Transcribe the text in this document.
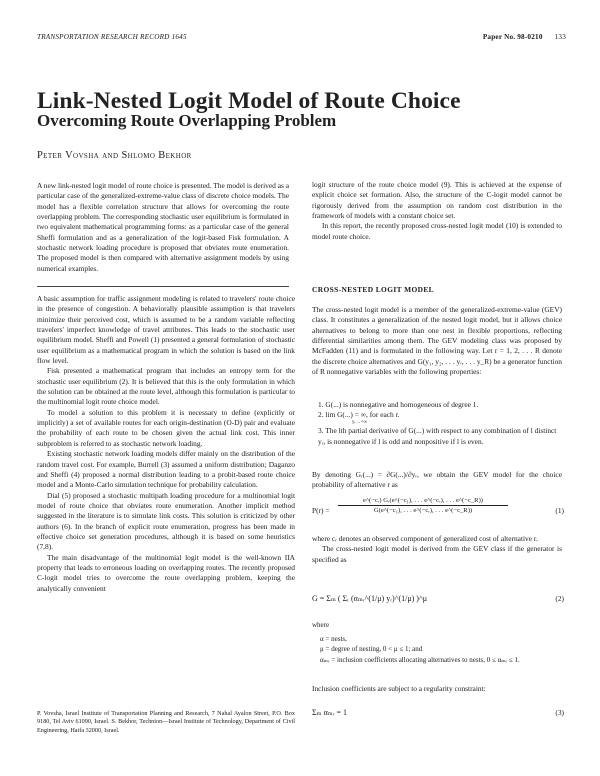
TRANSPORTATION RESEARCH RECORD 1645	Paper No. 98-0210 133
Link-Nested Logit Model of Route Choice
Overcoming Route Overlapping Problem
Peter Vovsha and Shlomo Bekhor

A new link-nested logit model of route choice is presented. The model is derived as a particular case of the generalized-extreme-value class of discrete choice models. The model has a flexible correlation structure that allows for overcoming the route overlapping problem. The corresponding stochastic user equilibrium is formulated in two equivalent mathematical programming forms: as a particular case of the general Sheffi formulation and as a generalization of the logit-based Fisk formulation. A stochastic network loading procedure is proposed that obviates route enumeration. The proposed model is then compared with alternative assignment models by using numerical examples.

A basic assumption for traffic assignment modeling is related to travelers' route choice in the presence of congestion. A behaviorally plausible assumption is that travelers minimize their perceived cost, which is assumed to be a random variable reflecting travelers' imperfect knowledge of travel attributes. This leads to the stochastic user equilibrium model. Sheffi and Powell (1) presented a general formulation of stochastic user equilibrium as a mathematical program in which the solution is based on the link flow level.

Fisk presented a mathematical program that includes an entropy term for the stochastic user equilibrium (2). It is believed that this is the only formulation in which the solution can be obtained at the route level, although this formulation is particular to the multinomial logit route choice model.

To model a solution to this problem it is necessary to define (explicitly or implicitly) a set of available routes for each origin-destination (O-D) pair and evaluate the probability of each route to be chosen given the actual link cost. This inner subproblem is referred to as stochastic network loading.

Existing stochastic network loading models differ mainly on the distribution of the random travel cost. For example, Burrell (3) assumed a uniform distribution; Daganzo and Sheffi (4) proposed a normal distribution leading to a probit-based route choice model and a Monte-Carlo simulation technique for probability calculation.

Dial (5) proposed a stochastic multipath loading procedure for a multinomial logit model of route choice that obviates route enumeration. Another implicit method suggested in the literature is to simulate link costs. This solution is criticized by other authors (6). In the branch of explicit route enumeration, progress has been made in effective choice set generation procedures, although it is based on some heuristics (7,8).

The main disadvantage of the multinomial logit model is the well-known IIA property that leads to erroneous loading on overlapping routes. The recently proposed C-logit model tries to overcome the route overlapping problem, keeping the analytically convenient

P. Vovsha, Israel Institute of Transportation Planning and Research, 7 Nahal Ayalon Street, P.O. Box 9180, Tel Aviv 61090, Israel. S. Bekhor, Technion—Israel Institute of Technology, Department of Civil Engineering, Haifa 32000, Israel.

logit structure of the route choice model (9). This is achieved at the expense of explicit choice set formation. Also, the structure of the C-logit model cannot be rigorously derived from the assumption on random cost distribution in the framework of models with a constant choice set.

In this report, the recently proposed cross-nested logit model (10) is extended to model route choice.

CROSS-NESTED LOGIT MODEL

The cross-nested logit model is a member of the generalized-extreme-value (GEV) class. It constitutes a generalization of the nested logit model, but it allows choice alternatives to belong to more than one nest in flexible proportions, reflecting differential similarities among them. The GEV modeling class was proposed by McFadden (11) and is formulated in the following way. Let r = 1, 2, . . . R denote the discrete choice alternatives and G(y₁, y₂, . . . yᵣ, . . . y_R) be a generator function of R nonnegative variables with the following properties:

1. G(...) is nonnegative and homogeneous of degree 1.

2. lim G(...) = ∞, for each r.

yᵣ→+∞

3. The lth partial derivative of G(...) with respect to any combination of l distinct yᵣ, is nonnegative if l is odd and nonpositive if l is even.

By denoting Gᵣ(...) = ∂G(...)/∂yᵣ, we obtain the GEV model for the choice probability of alternative r as

$P(r) = \frac{\text{e\textasciicircum{}(−cᵣ) Gᵣ(e\textasciicircum{}(−c₁), . . . e\textasciicircum{}(−cᵣ), . . . e\textasciicircum{}(−c\_R))}}{\text{G(e\textasciicircum{}(−c₁), . . . e\textasciicircum{}(−cᵣ), . . . e\textasciicircum{}(−c\_R))}}$	(1)

where cᵣ denotes an observed component of generalized cost of alternative r.

The cross-nested logit model is derived from the GEV class if the generator is specified as

G = Σₘ ( Σᵣ (αₘᵣ^(1/μ) yᵣ)^(1/μ) )^μ	(2)

where

α = nests,

μ = degree of nesting, 0 < μ ≤ 1; and

αₘᵣ = inclusion coefficients allocating alternatives to nests, 0 ≤ αₘᵣ ≤ 1.

Inclusion coefficients are subject to a regularity constraint:

Σₘ αₘᵣ = 1	(3)
